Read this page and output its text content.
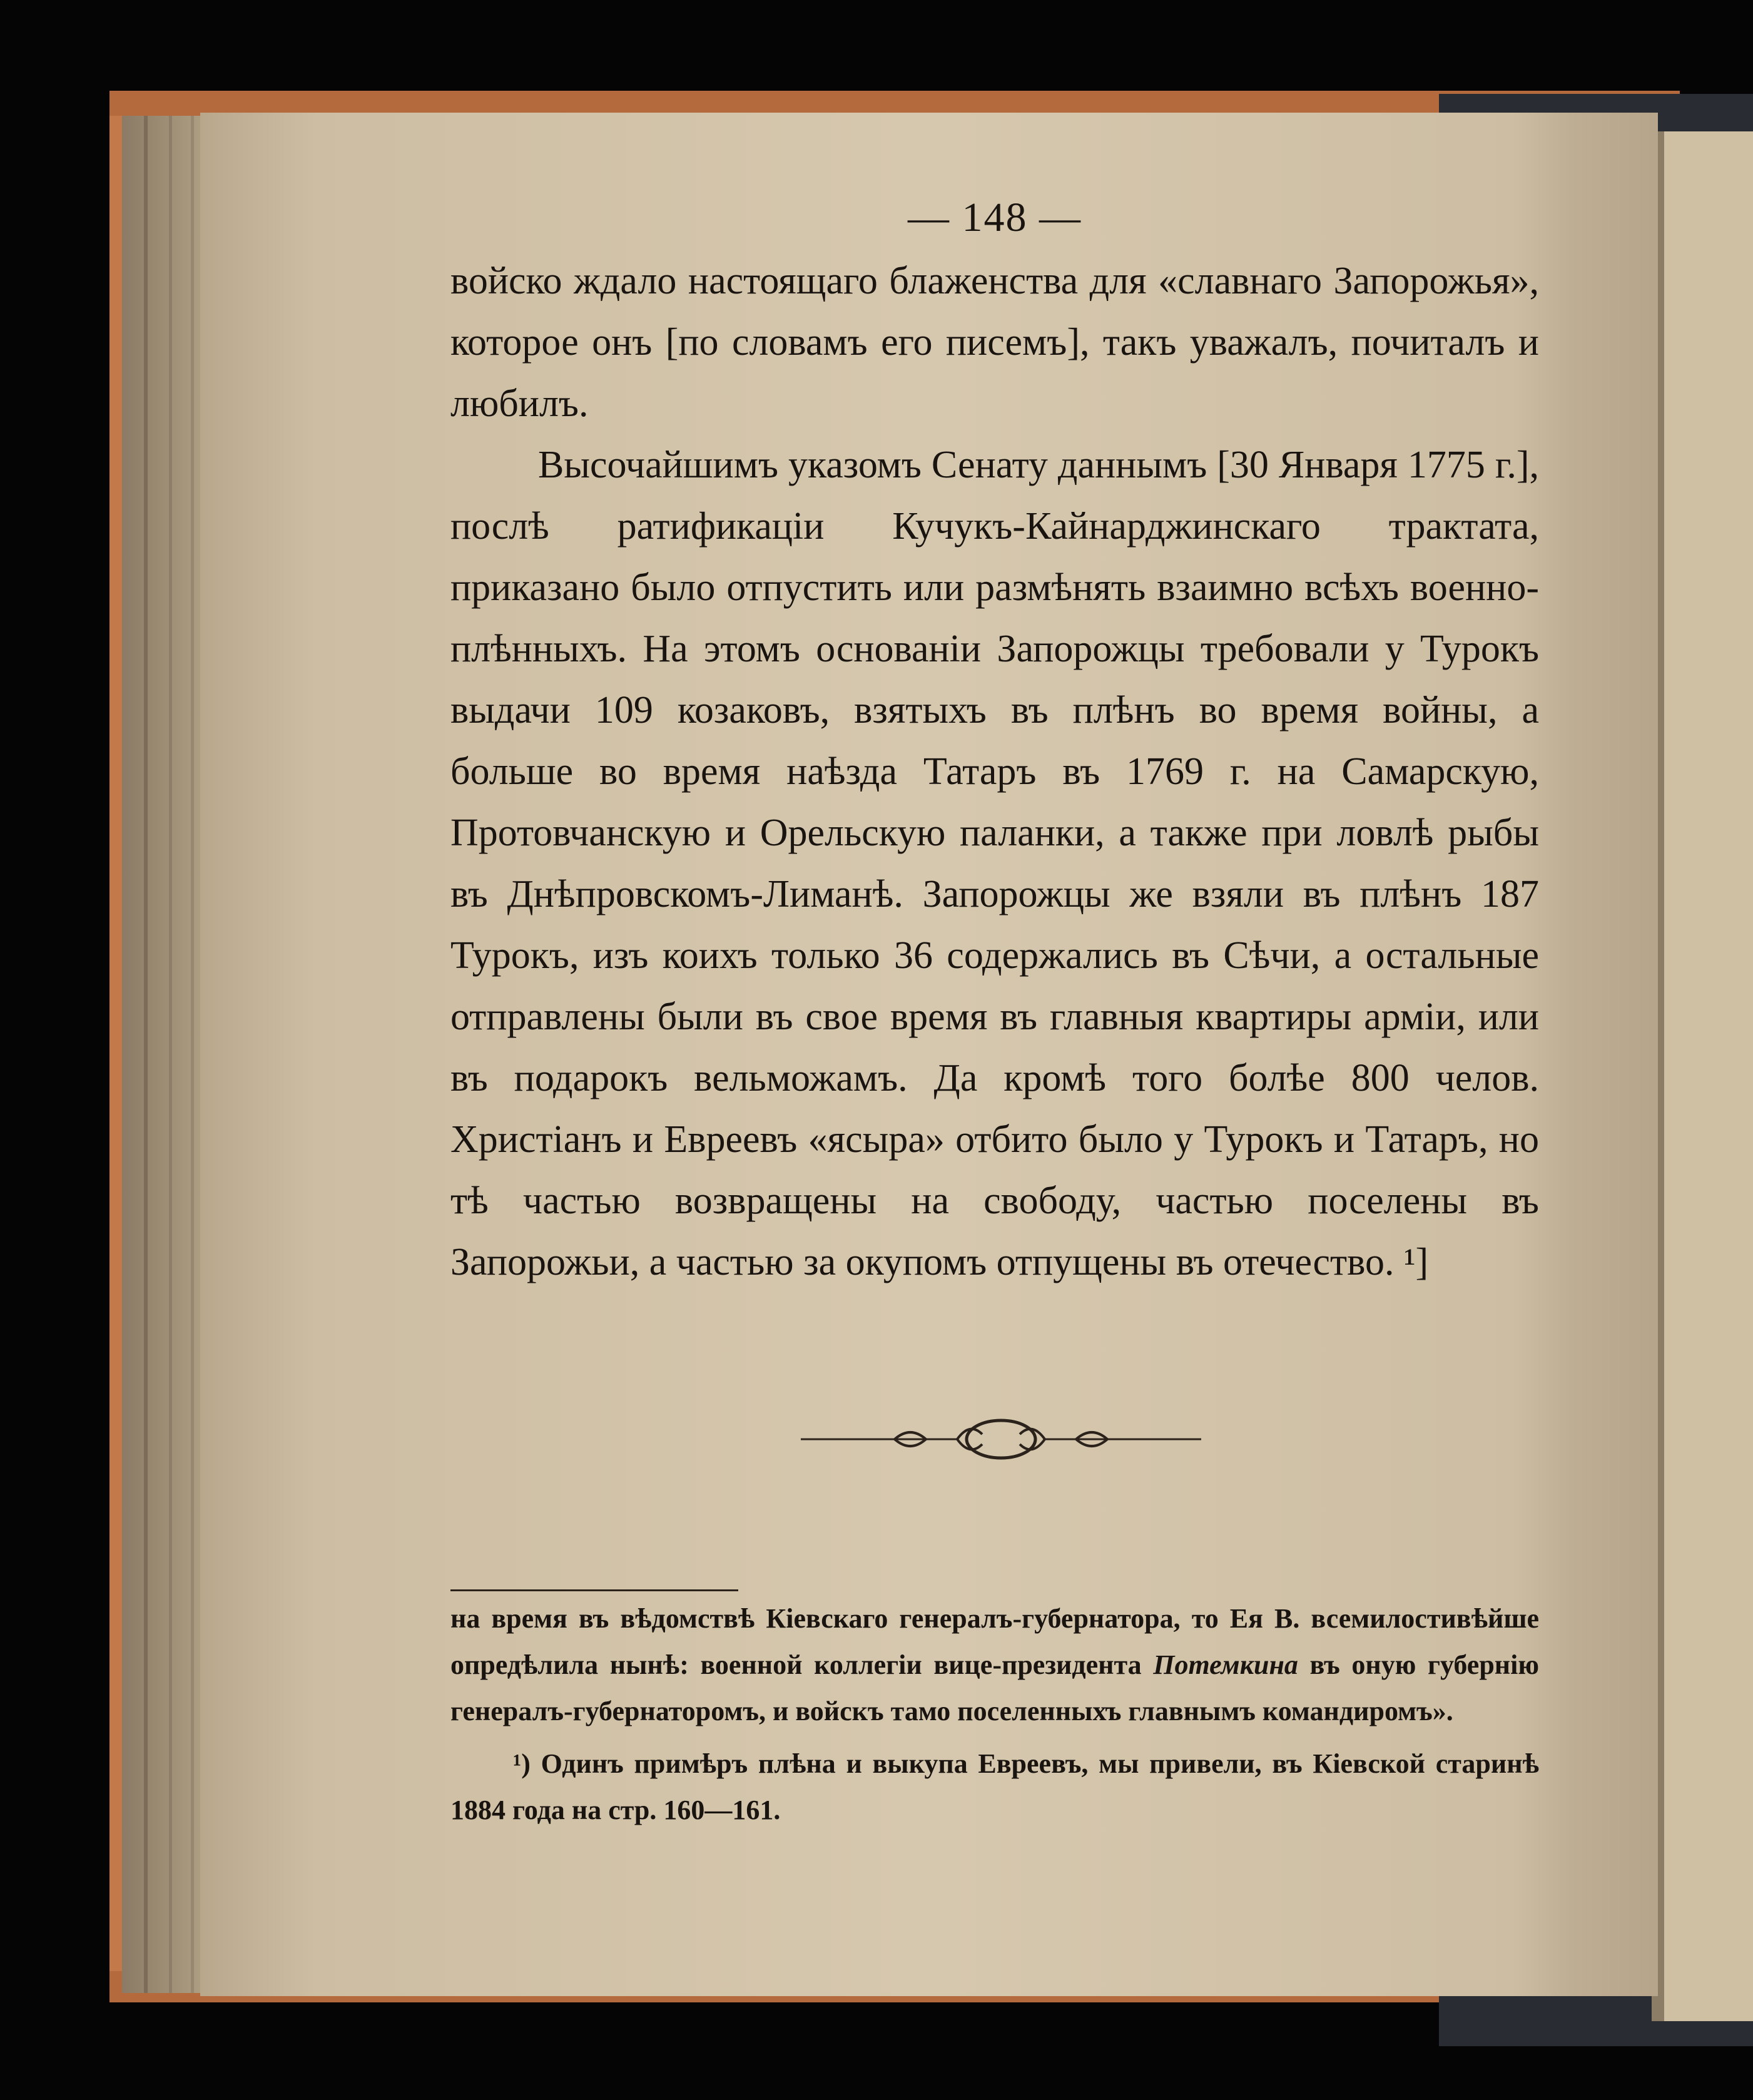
— 148 —

войско ждало настоящаго блаженства для «славнаго Запорожья», которое онъ [по словамъ его писемъ], такъ уважалъ, почиталъ и любилъ.

Высочайшимъ указомъ Сенату даннымъ [30 Января 1775 г.], послѣ ратификаціи Кучукъ-Кайнарджинскаго трактата, приказано было отпустить или размѣнять взаимно всѣхъ военно-плѣнныхъ. На этомъ основаніи Запорожцы требовали у Турокъ выдачи 109 козаковъ, взятыхъ въ плѣнъ во время войны, а больше во время наѣзда Татаръ въ 1769 г. на Самарскую, Протовчанскую и Орельскую паланки, а также при ловлѣ рыбы въ Днѣпровскомъ-Лиманѣ. Запорожцы же взяли въ плѣнъ 187 Турокъ, изъ коихъ только 36 содержались въ Сѣчи, а остальные отправлены были въ свое время въ главныя квартиры арміи, или въ подарокъ вельможамъ. Да кромѣ того болѣе 800 челов. Христіанъ и Евреевъ «ясыра» отбито было у Турокъ и Татаръ, но тѣ частью возвращены на свободу, частью поселены въ Запорожьи, а частью за окупомъ отпущены въ отечество. ¹]

на время въ вѣдомствѣ Кіевскаго генералъ-губернатора, то Ея В. всемилостивѣйше опредѣлила нынѣ: военной коллегіи вице-президента Потемкина въ оную губернію генералъ-губернаторомъ, и войскъ тамо поселенныхъ главнымъ командиромъ».

¹) Одинъ примѣръ плѣна и выкупа Евреевъ, мы привели, въ Кіевской старинѣ 1884 года на стр. 160—161.
